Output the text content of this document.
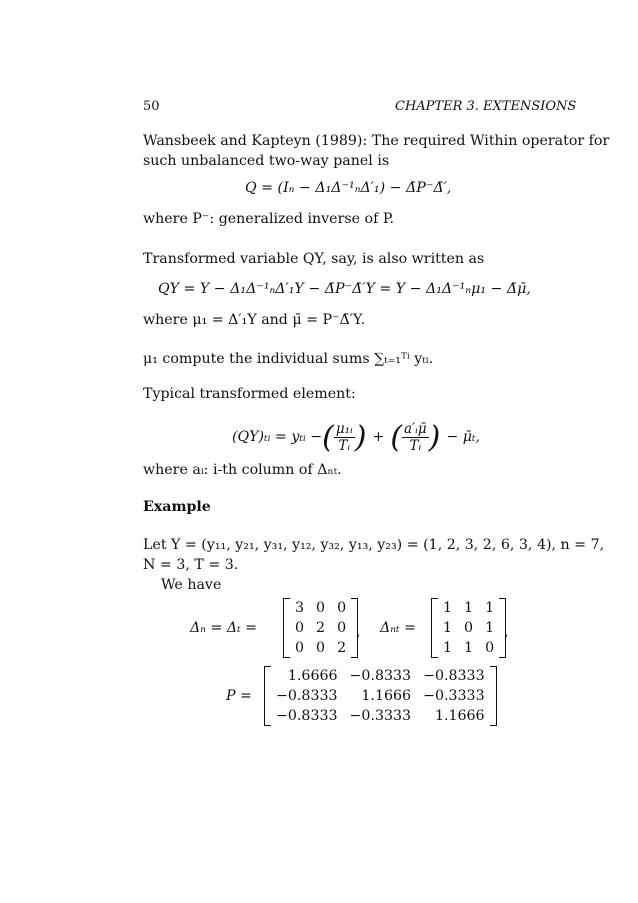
50	CHAPTER 3. EXTENSIONS
Wansbeek and Kapteyn (1989): The required Within operator for
such unbalanced two-way panel is
Q = (Iₙ − Δ₁Δ⁻¹ₙΔ′₁) − Δ̄P⁻Δ̄′,
where P⁻: generalized inverse of P.
Transformed variable QY, say, is also written as
QY = Y − Δ₁Δ⁻¹ₙΔ′₁Y − Δ̄P⁻Δ̄′Y = Y − Δ₁Δ⁻¹ₙμ₁ − Δ̄μ̄,
where μ₁ = Δ′₁Y and μ̄ = P⁻Δ̄′Y.
μ₁ compute the individual sums ∑ₜ₌₁ᵀⁱ yₜᵢ.
Typical transformed element:
(QY)ₜᵢ = yₜᵢ − ( $\frac{\text{μ₁ᵢ}}{\text{Tᵢ}}$ ) + ( $\frac{\text{a′ᵢμ̄}}{\text{Tᵢ}}$ ) − μ̄ₜ,
where aᵢ: i-th column of Δₙₜ.
Example
Let Y = (y₁₁, y₂₁, y₃₁, y₁₂, y₃₂, y₁₃, y₂₃) = (1, 2, 3, 2, 6, 3, 4), n = 7,
N = 3, T = 3.
We have
Δₙ = Δₜ =
3	0	0
0	2	0
0	0	2
, Δₙₜ =
1	1	1
1	0	1
1	1	0
,
P =
1.6666	−0.8333	−0.8333
−0.8333	1.1666	−0.3333
−0.8333	−0.3333	1.1666
